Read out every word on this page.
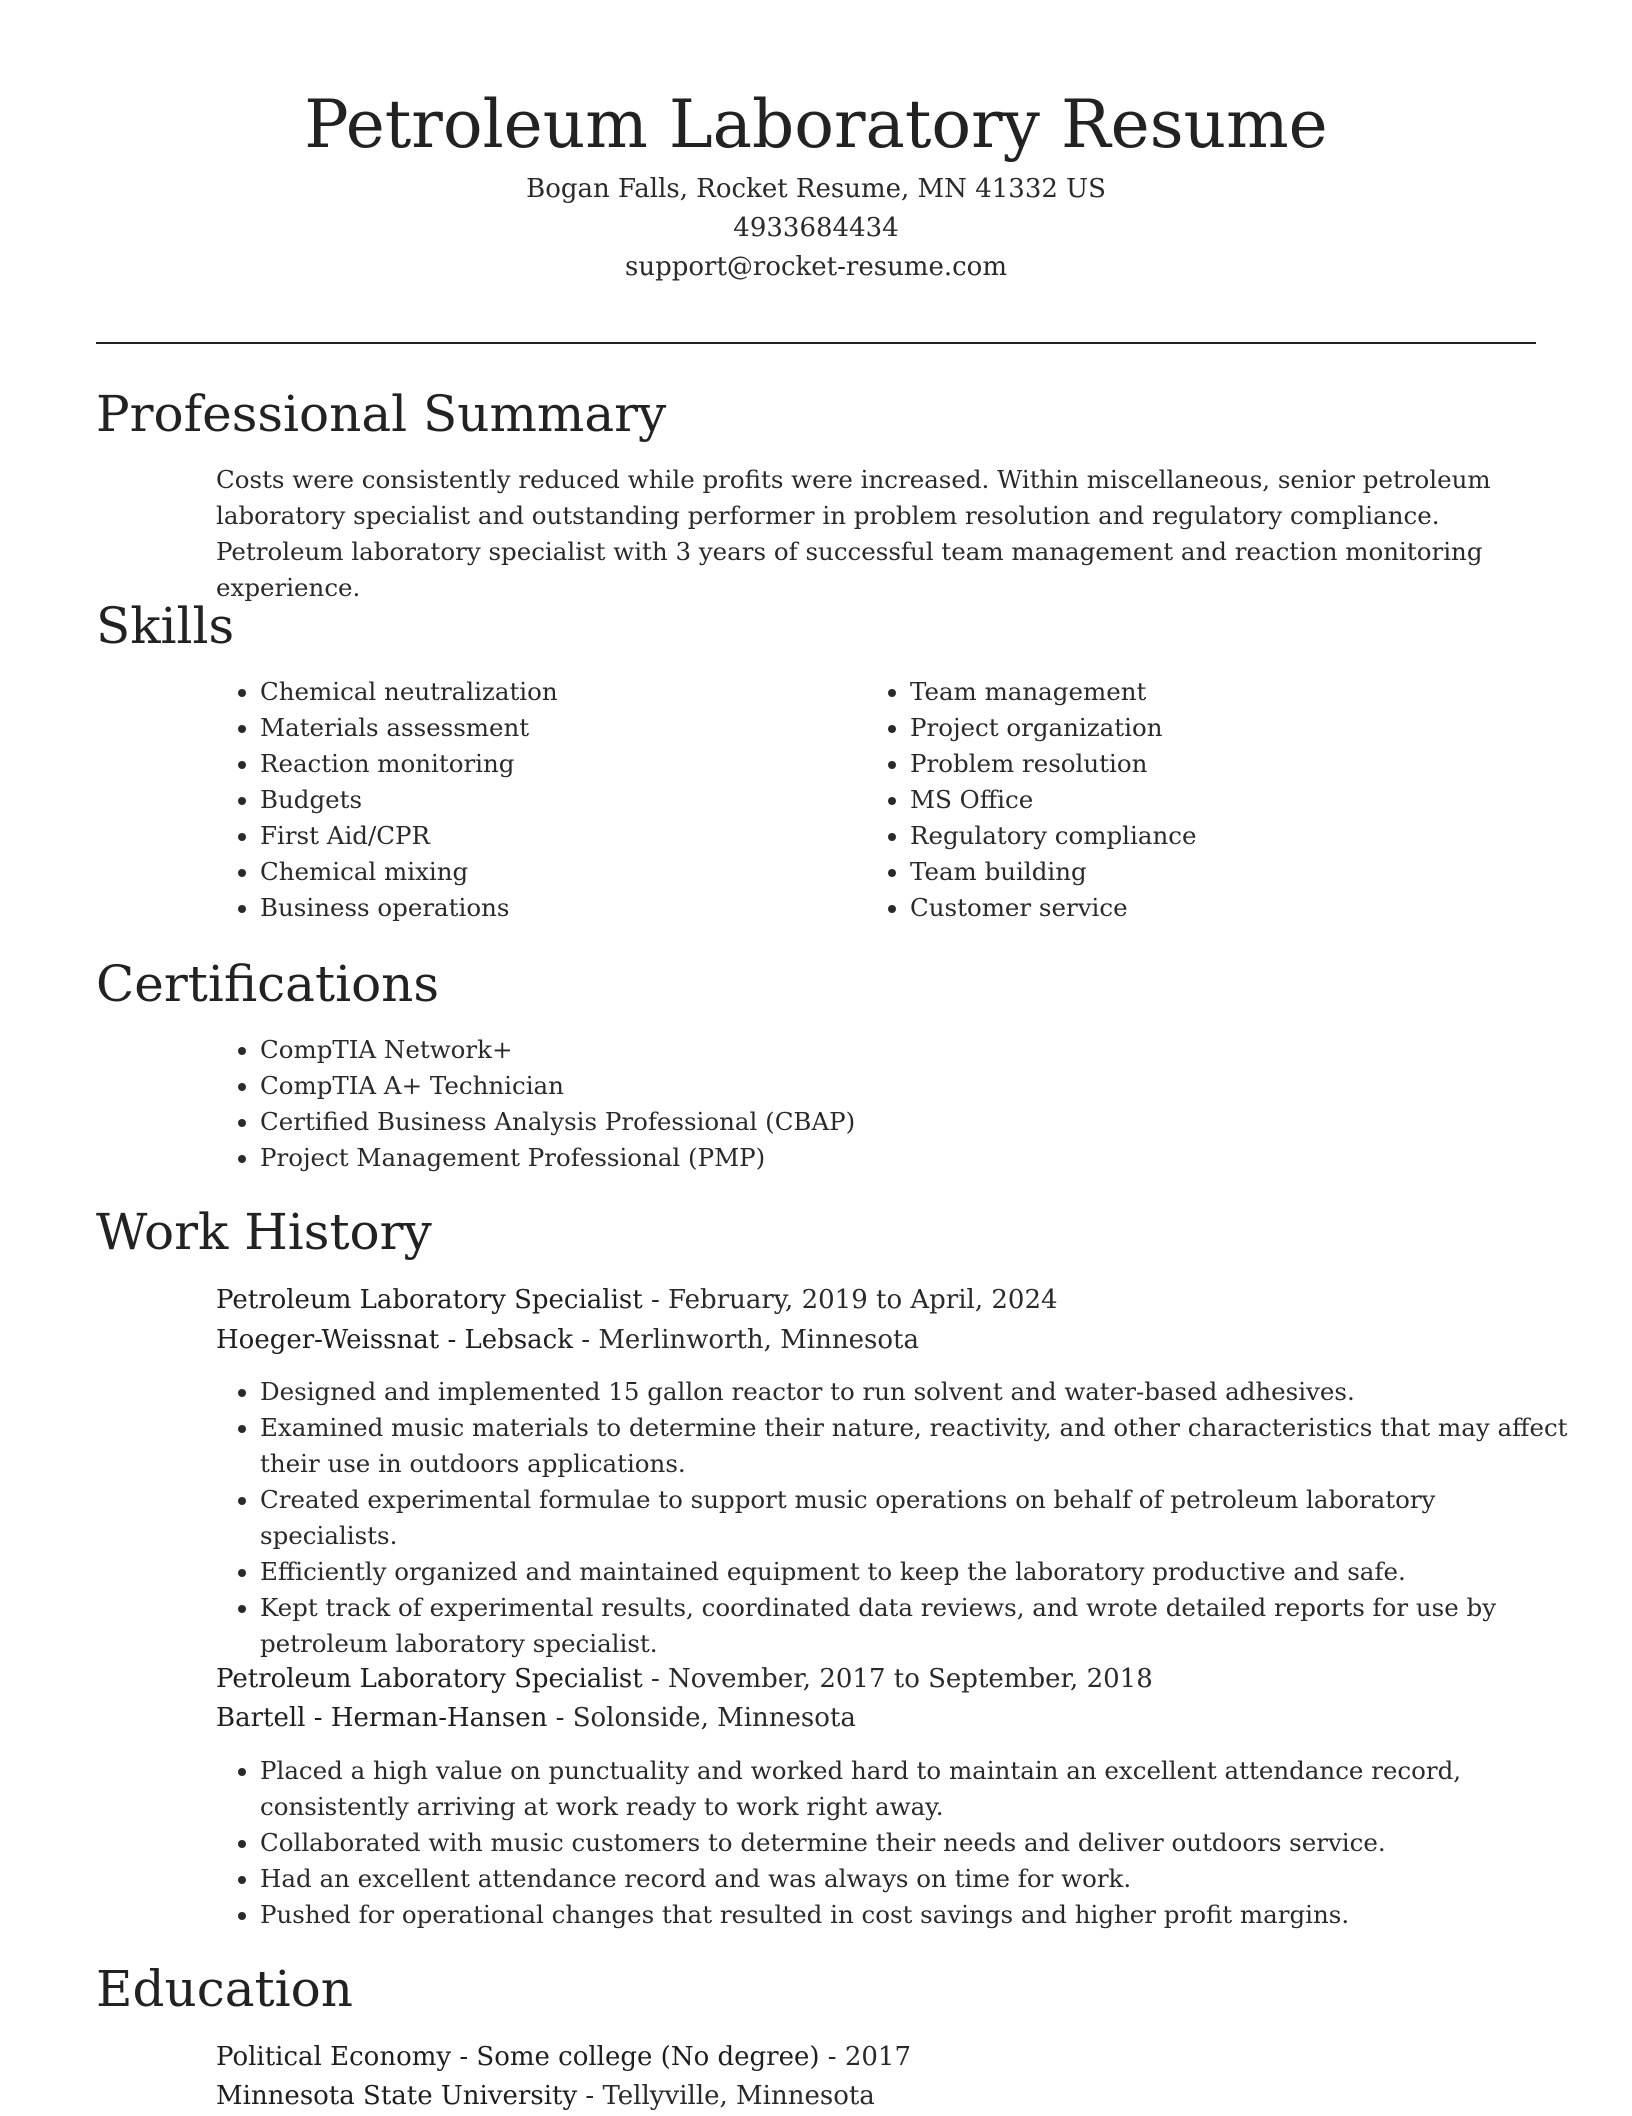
Petroleum Laboratory Resume
Bogan Falls, Rocket Resume, MN 41332 US
4933684434
support@rocket-resume.com
Professional Summary

Costs were consistently reduced while profits were increased. Within miscellaneous, senior petroleum laboratory specialist and outstanding performer in problem resolution and regulatory compliance. Petroleum laboratory specialist with 3 years of successful team management and reaction monitoring experience.

Skills
• Chemical neutralization
• Materials assessment
• Reaction monitoring
• Budgets
• First Aid/CPR
• Chemical mixing
• Business operations
• Team management
• Project organization
• Problem resolution
• MS Office
• Regulatory compliance
• Team building
• Customer service
Certifications
• CompTIA Network+
• CompTIA A+ Technician
• Certified Business Analysis Professional (CBAP)
• Project Management Professional (PMP)
Work History
Petroleum Laboratory Specialist - February, 2019 to April, 2024
Hoeger-Weissnat - Lebsack - Merlinworth, Minnesota
• Designed and implemented 15 gallon reactor to run solvent and water-based adhesives.
• Examined music materials to determine their nature, reactivity, and other characteristics that may affect their use in outdoors applications.
• Created experimental formulae to support music operations on behalf of petroleum laboratory specialists.
• Efficiently organized and maintained equipment to keep the laboratory productive and safe.
• Kept track of experimental results, coordinated data reviews, and wrote detailed reports for use by petroleum laboratory specialist.
Petroleum Laboratory Specialist - November, 2017 to September, 2018
Bartell - Herman-Hansen - Solonside, Minnesota
• Placed a high value on punctuality and worked hard to maintain an excellent attendance record, consistently arriving at work ready to work right away.
• Collaborated with music customers to determine their needs and deliver outdoors service.
• Had an excellent attendance record and was always on time for work.
• Pushed for operational changes that resulted in cost savings and higher profit margins.
Education
Political Economy - Some college (No degree) - 2017
Minnesota State University - Tellyville, Minnesota
